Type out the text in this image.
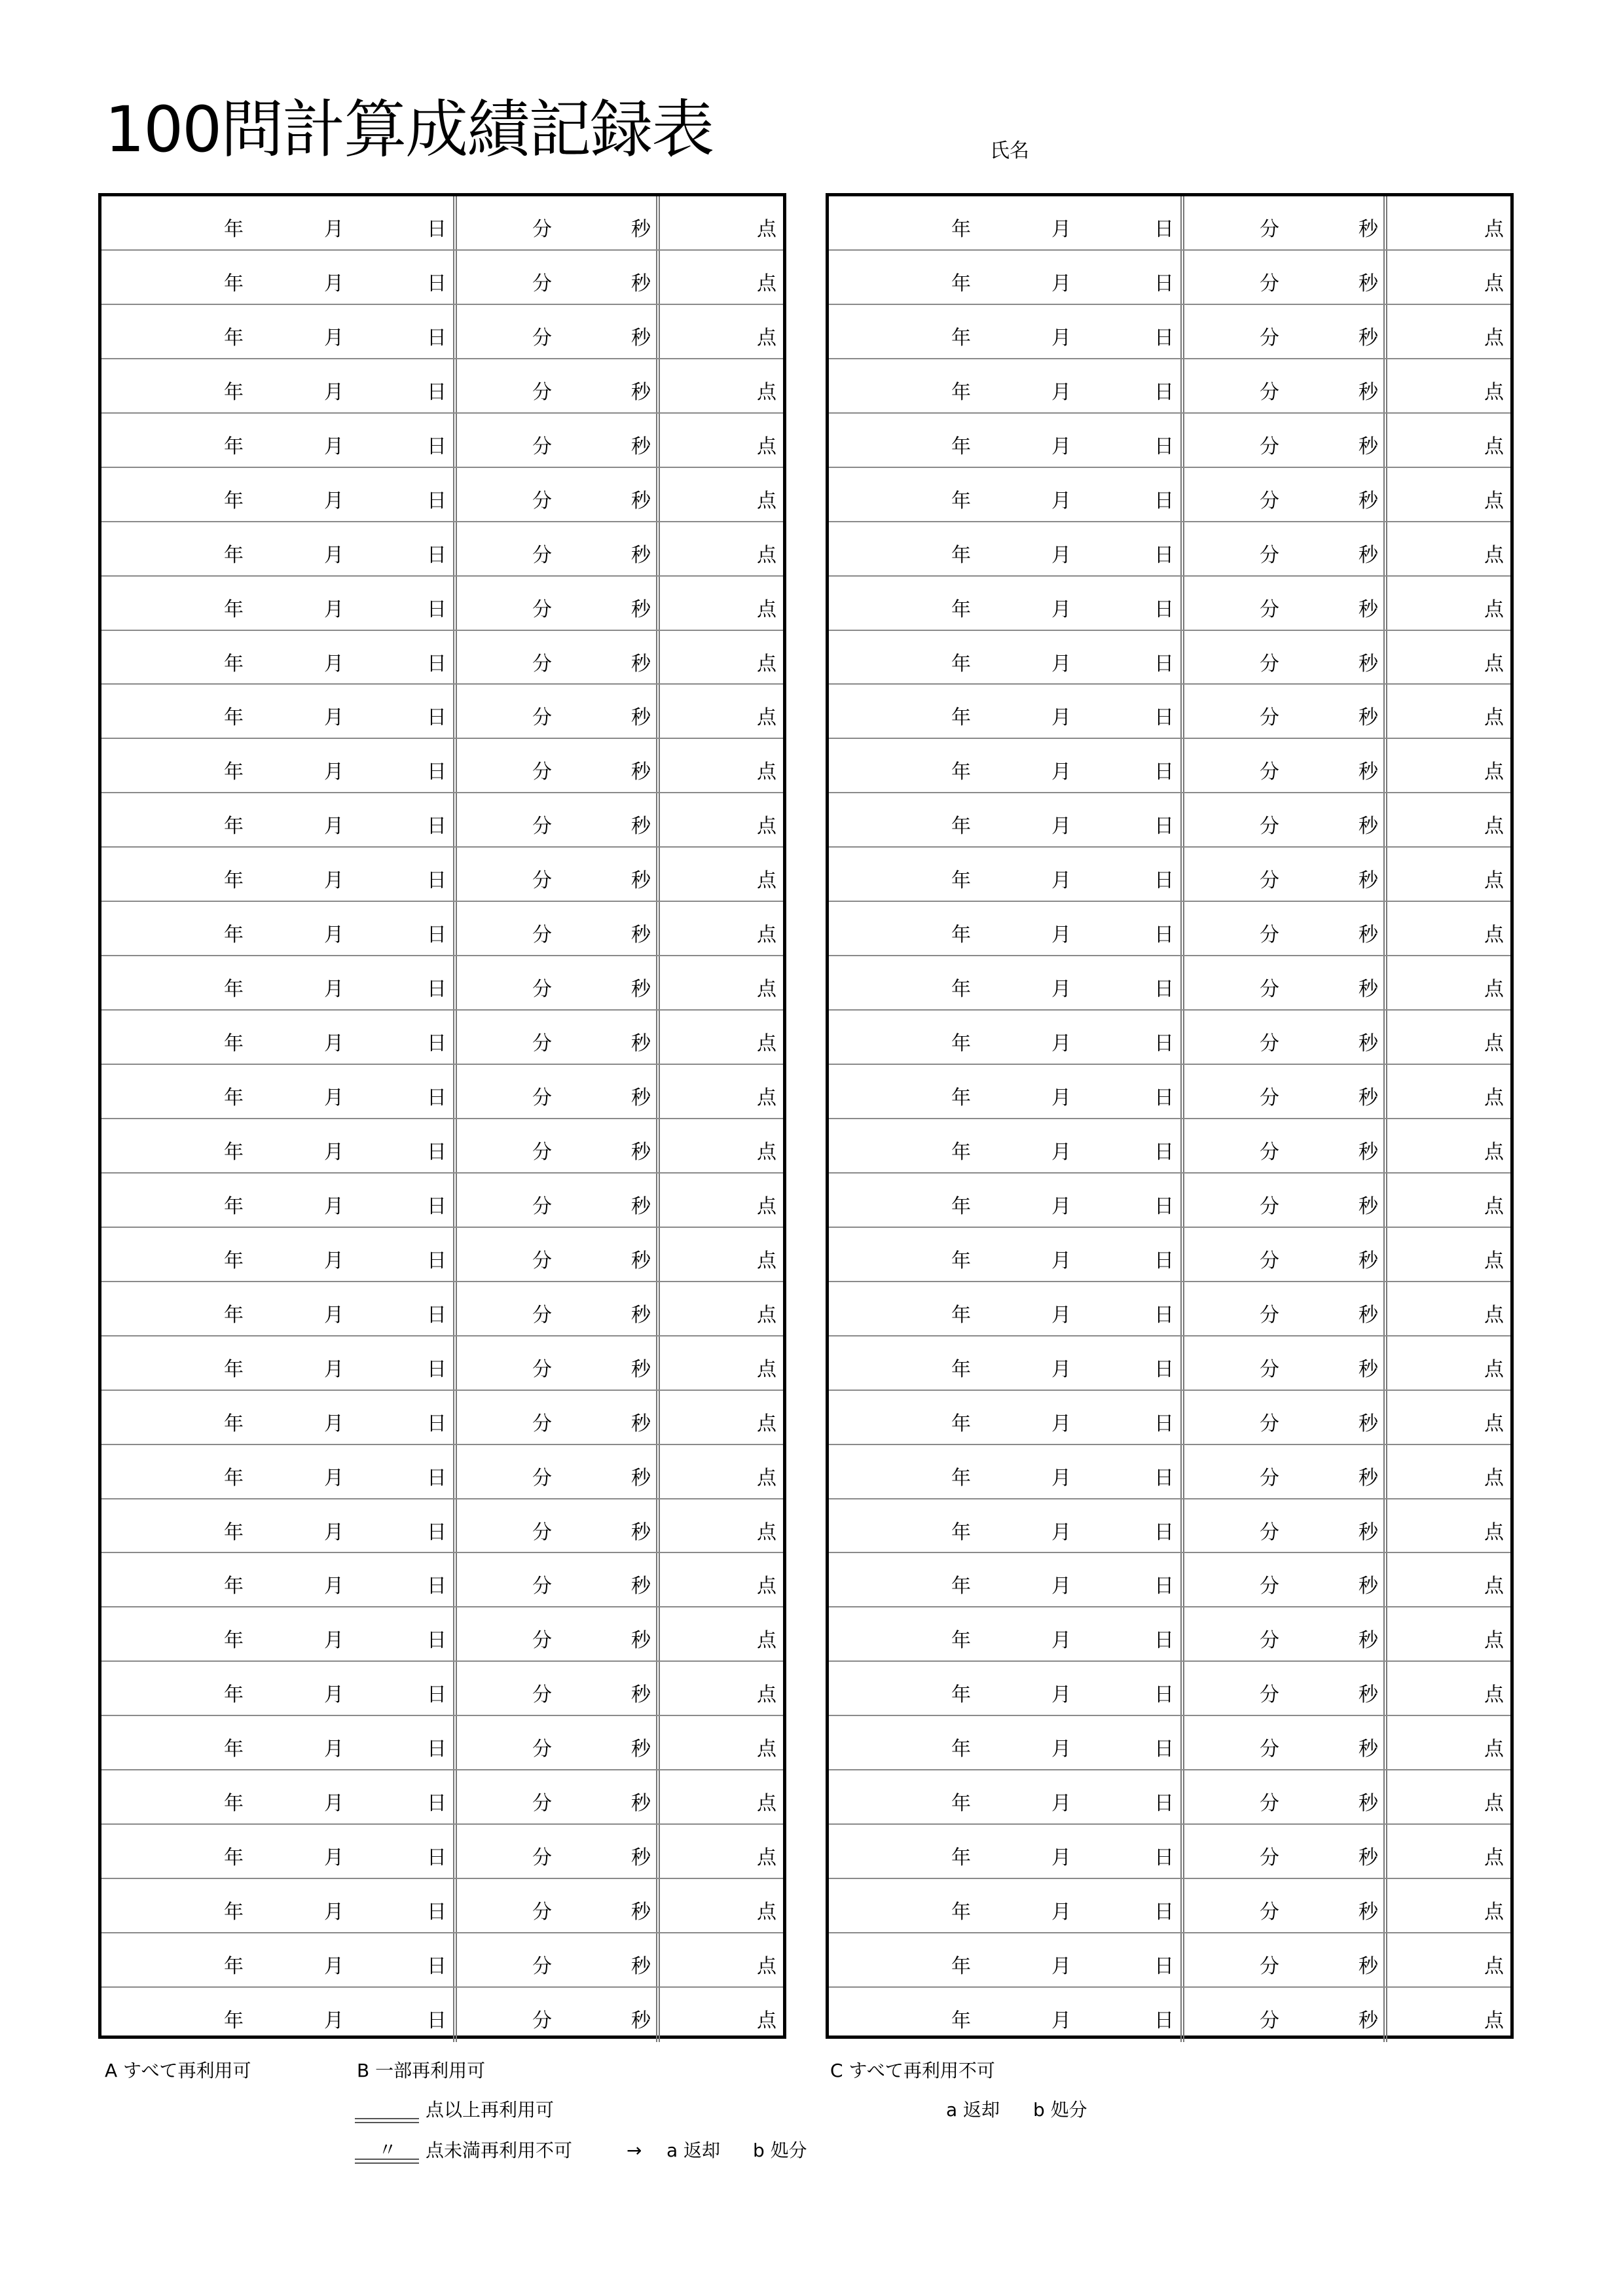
100問計算成績記録表	氏名
年	月	日	分	秒	点
年	月	日	分	秒	点
年	月	日	分	秒	点
年	月	日	分	秒	点
年	月	日	分	秒	点
年	月	日	分	秒	点
年	月	日	分	秒	点
年	月	日	分	秒	点
年	月	日	分	秒	点
年	月	日	分	秒	点
年	月	日	分	秒	点
年	月	日	分	秒	点
年	月	日	分	秒	点
年	月	日	分	秒	点
年	月	日	分	秒	点
年	月	日	分	秒	点
年	月	日	分	秒	点
年	月	日	分	秒	点
年	月	日	分	秒	点
年	月	日	分	秒	点
年	月	日	分	秒	点
年	月	日	分	秒	点
年	月	日	分	秒	点
年	月	日	分	秒	点
年	月	日	分	秒	点
年	月	日	分	秒	点
年	月	日	分	秒	点
年	月	日	分	秒	点
年	月	日	分	秒	点
年	月	日	分	秒	点
年	月	日	分	秒	点
年	月	日	分	秒	点
年	月	日	分	秒	点
年	月	日	分	秒	点
年	月	日	分	秒	点
年	月	日	分	秒	点
年	月	日	分	秒	点
年	月	日	分	秒	点
年	月	日	分	秒	点
年	月	日	分	秒	点
年	月	日	分	秒	点
年	月	日	分	秒	点
年	月	日	分	秒	点
年	月	日	分	秒	点
年	月	日	分	秒	点
年	月	日	分	秒	点
年	月	日	分	秒	点
年	月	日	分	秒	点
年	月	日	分	秒	点
年	月	日	分	秒	点
年	月	日	分	秒	点
年	月	日	分	秒	点
年	月	日	分	秒	点
年	月	日	分	秒	点
年	月	日	分	秒	点
年	月	日	分	秒	点
年	月	日	分	秒	点
年	月	日	分	秒	点
年	月	日	分	秒	点
年	月	日	分	秒	点
年	月	日	分	秒	点
年	月	日	分	秒	点
年	月	日	分	秒	点
年	月	日	分	秒	点
年	月	日	分	秒	点
年	月	日	分	秒	点
年	月	日	分	秒	点
年	月	日	分	秒	点
A すべて再利用可	B 一部再利用可	C すべて再利用不可
点以上再利用可	a 返却 b 処分
〃 点未満再利用不可	→ a 返却 b 処分
